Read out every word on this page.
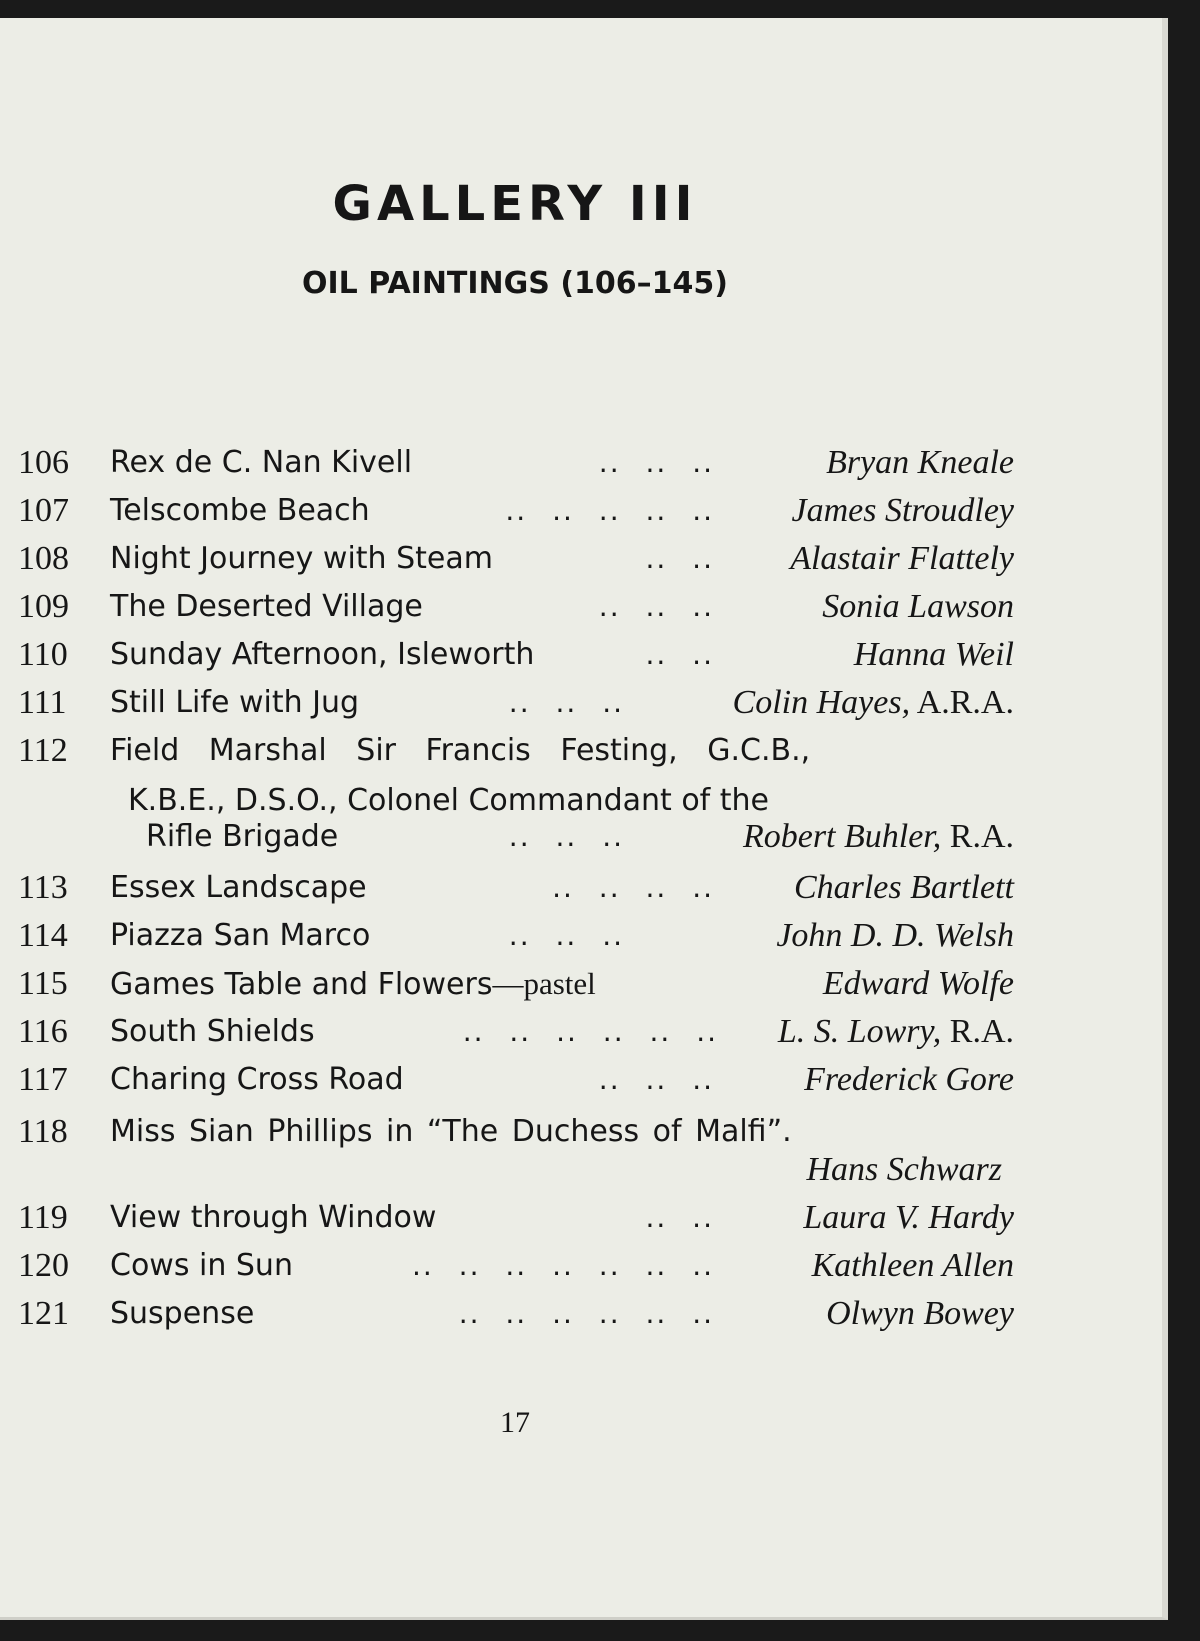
GALLERY III
OIL PAINTINGS (106–145)
106 Rex de C. Nan Kivell	.. .. ..	Bryan Kneale
107 Telscombe Beach	.. .. .. .. .. James Stroudley
108 Night Journey with Steam	.. .. Alastair Flattely
109 The Deserted Village	.. .. ..	Sonia Lawson
110 Sunday Afternoon, Isleworth	.. ..	Hanna Weil
111 Still Life with Jug	.. .. ..	Colin Hayes, A.R.A.
112 Field Marshal Sir Francis Festing, G.C.B.,
K.B.E., D.S.O., Colonel Commandant of the
Rifle Brigade	.. .. ..	Robert Buhler, R.A.
113 Essex Landscape	.. .. .. .. Charles Bartlett
114 Piazza San Marco	.. .. ..	John D. D. Welsh
115 Games Table and Flowers—pastel	Edward Wolfe
116 South Shields	.. .. .. .. .. .. L. S. Lowry, R.A.
117 Charing Cross Road	.. .. ..	Frederick Gore
118 Miss Sian Phillips in “The Duchess of Malfi”.
Hans Schwarz
119 View through Window	.. ..	Laura V. Hardy
120 Cows in Sun	.. .. .. .. .. .. ..	Kathleen Allen
121 Suspense	.. .. .. .. .. ..	Olwyn Bowey
17
